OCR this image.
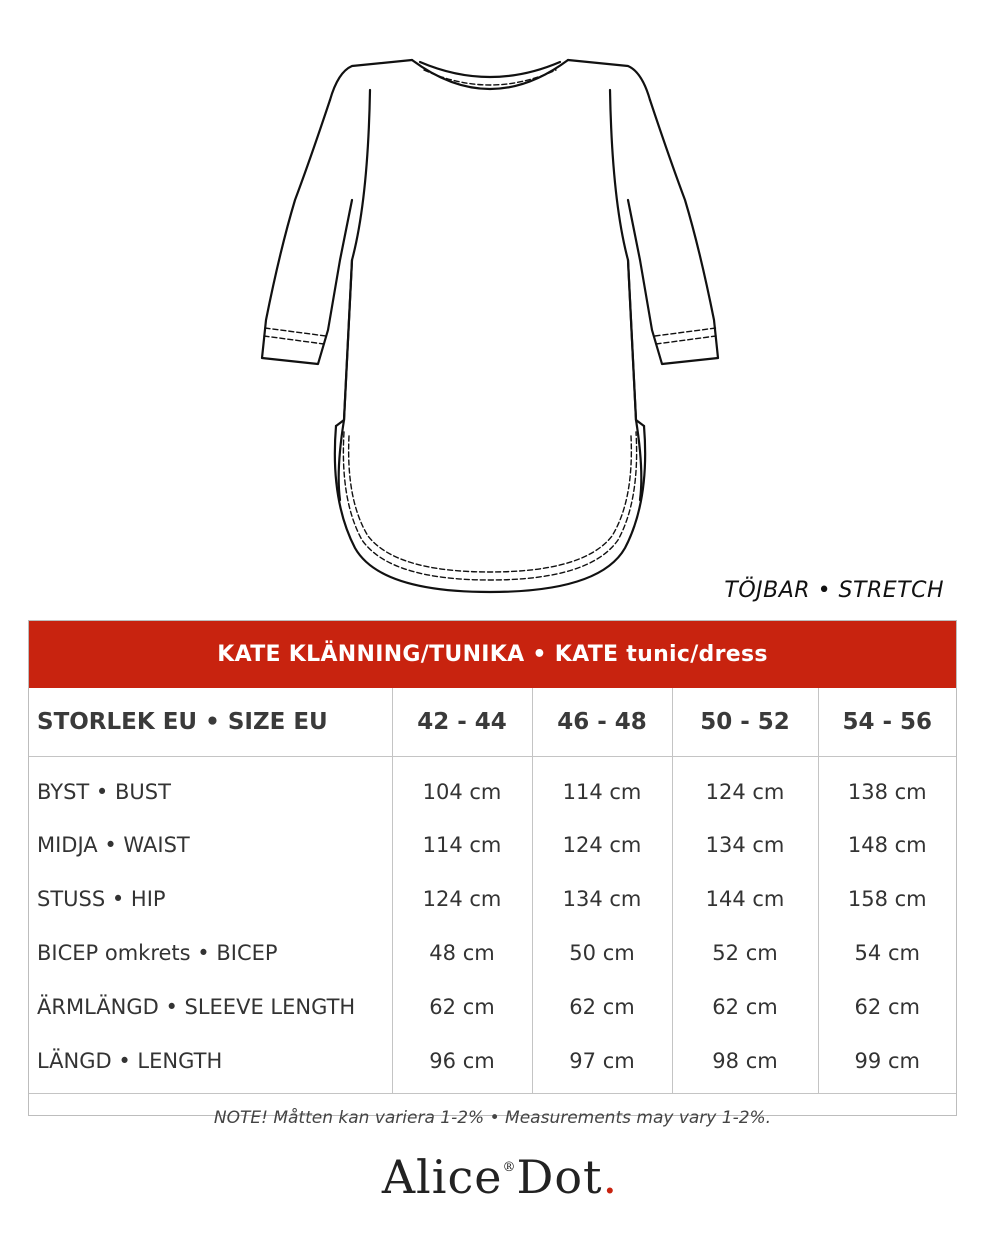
TÖJBAR • STRETCH
KATE KLÄNNING/TUNIKA • KATE tunic/dress
STORLEK EU • SIZE EU	42 - 44	46 - 48	50 - 52	54 - 56
BYST • BUST	104 cm	114 cm	124 cm	138 cm
MIDJA • WAIST	114 cm	124 cm	134 cm	148 cm
STUSS • HIP	124 cm	134 cm	144 cm	158 cm
BICEP omkrets • BICEP	48 cm	50 cm	52 cm	54 cm
ÄRMLÄNGD • SLEEVE LENGTH	62 cm	62 cm	62 cm	62 cm
LÄNGD • LENGTH	96 cm	97 cm	98 cm	99 cm
NOTE! Måtten kan variera 1-2% • Measurements may vary 1-2%.
Alice®Dot.
